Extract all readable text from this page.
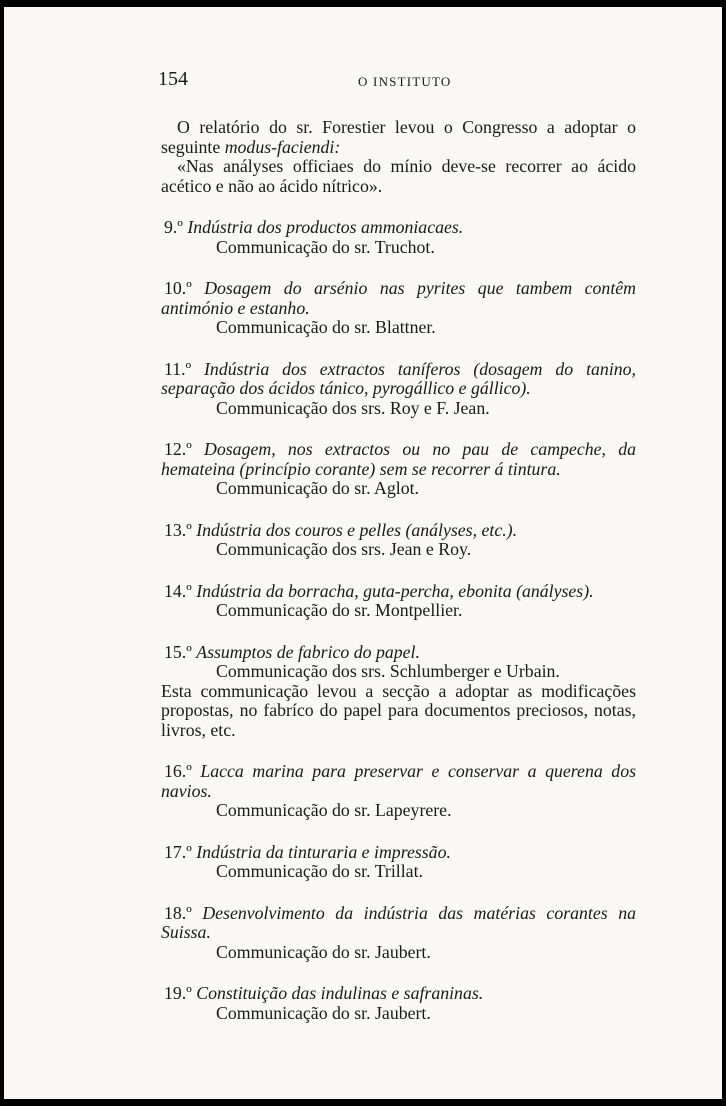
154	O INSTITUTO

O relatório do sr. Forestier levou o Congresso a adoptar o seguinte modus-faciendi:

«Nas anályses officiaes do mínio deve-se recorrer ao ácido acético e não ao ácido nítrico».

9.º Indústria dos productos ammoniacaes.

Communicação do sr. Truchot.

10.º Dosagem do arsénio nas pyrites que tambem contêm antimónio e estanho.

Communicação do sr. Blattner.

11.º Indústria dos extractos taníferos (dosagem do tanino, separação dos ácidos tánico, pyrogállico e gállico).

Communicação dos srs. Roy e F. Jean.

12.º Dosagem, nos extractos ou no pau de campeche, da hemateina (princípio corante) sem se recorrer á tintura.

Communicação do sr. Aglot.

13.º Indústria dos couros e pelles (anályses, etc.).

Communicação dos srs. Jean e Roy.

14.º Indústria da borracha, guta-percha, ebonita (anályses).

Communicação do sr. Montpellier.

15.º Assumptos de fabrico do papel.

Communicação dos srs. Schlumberger e Urbain.

Esta communicação levou a secção a adoptar as modificações propostas, no fabríco do papel para documentos preciosos, notas, livros, etc.

16.º Lacca marina para preservar e conservar a querena dos navios.

Communicação do sr. Lapeyrere.

17.º Indústria da tinturaria e impressão.

Communicação do sr. Trillat.

18.º Desenvolvimento da indústria das matérias corantes na Suissa.

Communicação do sr. Jaubert.

19.º Constituição das indulinas e safraninas.

Communicação do sr. Jaubert.
